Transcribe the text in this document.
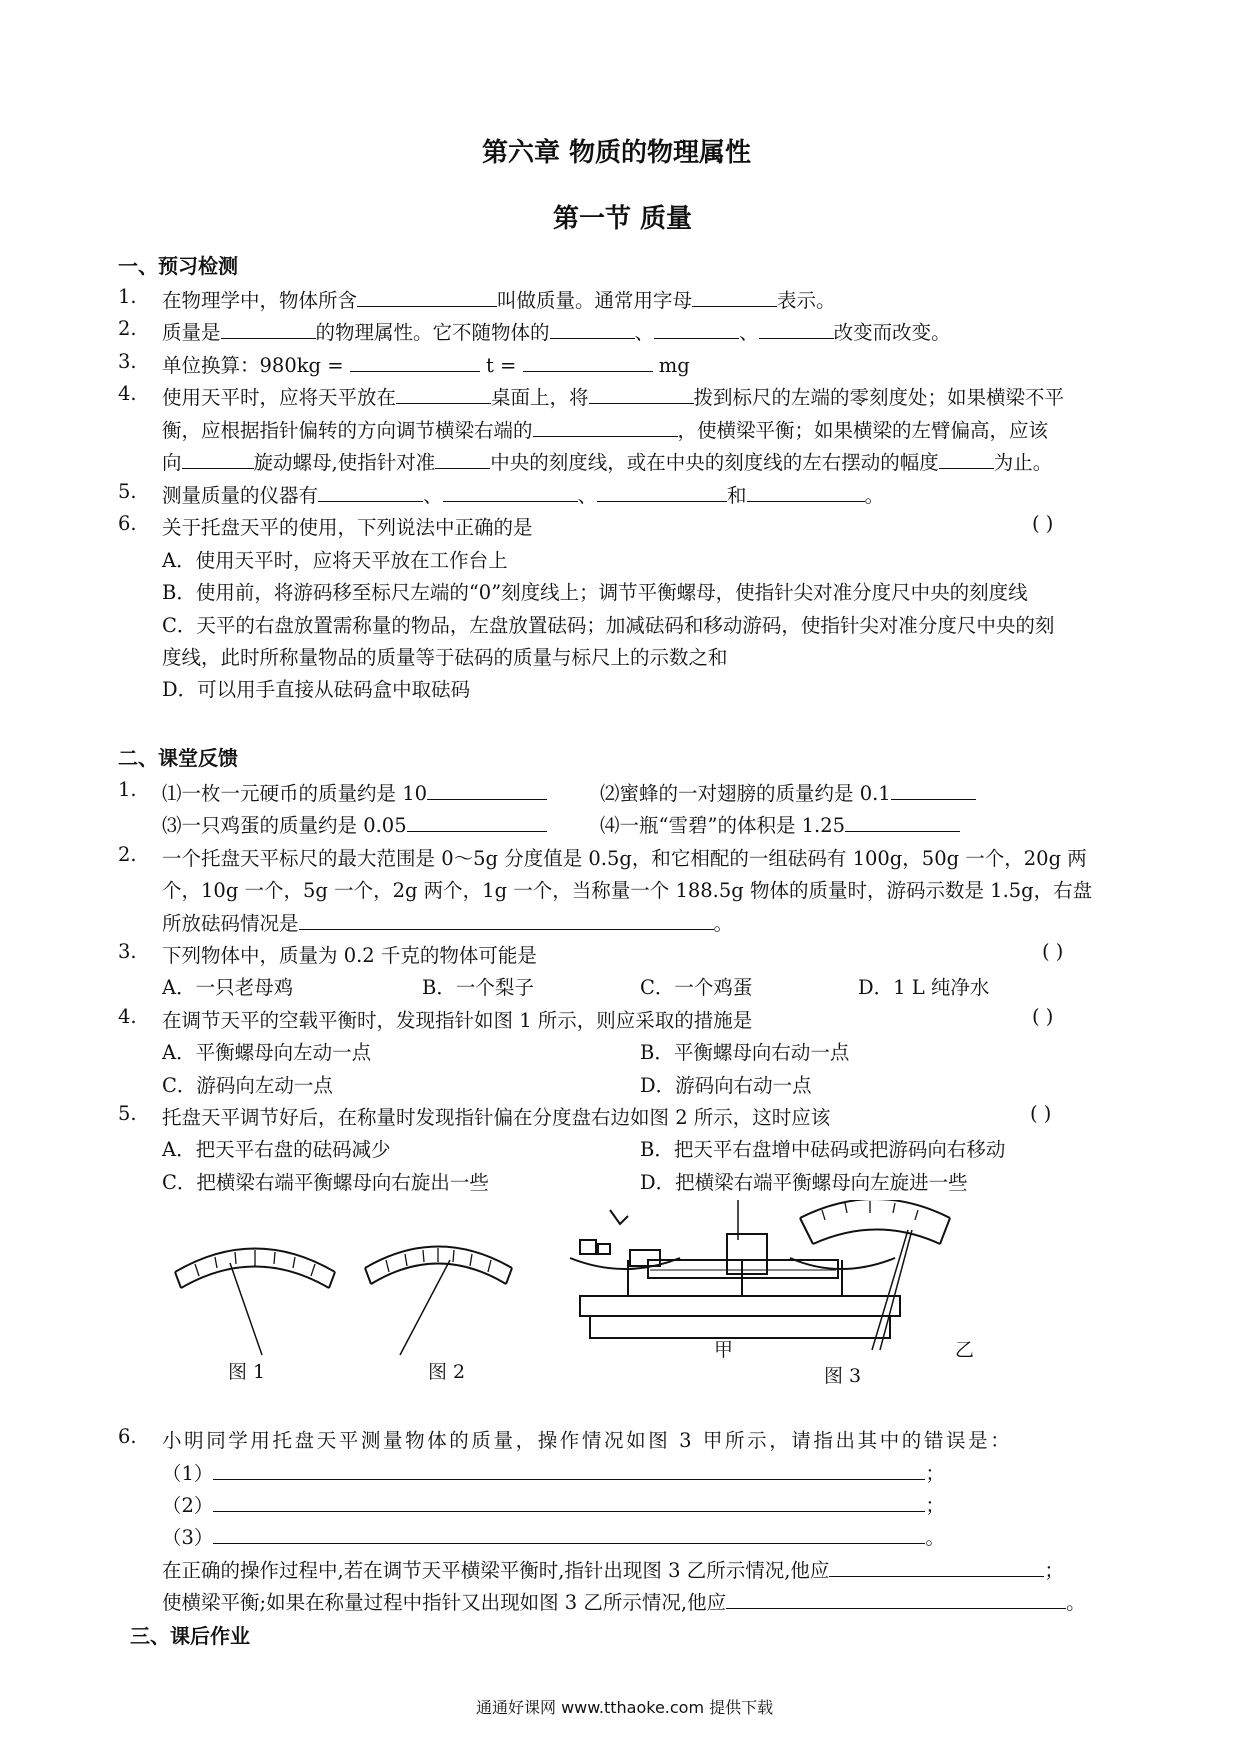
第六章 物质的物理属性
第一节 质量
一、预习检测
1. 在物理学中，物体所含	叫做质量。通常用字母	表示。
2. 质量是	的物理属性。它不随物体的	、	、	改变而改变。
3. 单位换算：980kg =	t =	mg
4. 使用天平时，应将天平放在	桌面上，将	拨到标尺的左端的零刻度处；如果横梁不平
衡，应根据指针偏转的方向调节横梁右端的	，使横梁平衡；如果横梁的左臂偏高，应该
向	旋动螺母,使指针对准	中央的刻度线，或在中央的刻度线的左右摆动的幅度	为止。
5. 测量质量的仪器有	、	、	和	。
6. 关于托盘天平的使用，下列说法中正确的是	( )
A．使用天平时，应将天平放在工作台上
B．使用前，将游码移至标尺左端的“0”刻度线上；调节平衡螺母，使指针尖对准分度尺中央的刻度线
C．天平的右盘放置需称量的物品，左盘放置砝码；加减砝码和移动游码，使指针尖对准分度尺中央的刻
度线，此时所称量物品的质量等于砝码的质量与标尺上的示数之和
D．可以用手直接从砝码盒中取砝码
二、课堂反馈
1. ⑴一枚一元硬币的质量约是 10	⑵蜜蜂的一对翅膀的质量约是 0.1
⑶一只鸡蛋的质量约是 0.05	⑷一瓶“雪碧”的体积是 1.25
2. 一个托盘天平标尺的最大范围是 0～5g 分度值是 0.5g，和它相配的一组砝码有 100g，50g 一个，20g 两
个，10g 一个，5g 一个，2g 两个，1g 一个，当称量一个 188.5g 物体的质量时，游码示数是 1.5g，右盘
所放砝码情况是	。
3. 下列物体中，质量为 0.2 千克的物体可能是	( )
A．一只老母鸡	B．一个梨子	C．一个鸡蛋	D．1 L 纯净水
4. 在调节天平的空载平衡时，发现指针如图 1 所示，则应采取的措施是	( )
A．平衡螺母向左动一点	B．平衡螺母向右动一点
C．游码向左动一点	D．游码向右动一点
5. 托盘天平调节好后，在称量时发现指针偏在分度盘右边如图 2 所示，这时应该	( )
A．把天平右盘的砝码减少	B．把天平右盘增中砝码或把游码向右移动
C．把横梁右端平衡螺母向右旋出一些	D．把横梁右端平衡螺母向左旋进一些
图 1	图 2
甲	乙
图 3
6. 小明同学用托盘天平测量物体的质量，操作情况如图 3 甲所示，请指出其中的错误是：
（1）	；
（2）	；
（3）	。
在正确的操作过程中,若在调节天平横梁平衡时,指针出现图 3 乙所示情况,他应	；
使横梁平衡;如果在称量过程中指针又出现如图 3 乙所示情况,他应	。
三、课后作业
通通好课网 www.tthaoke.com 提供下载
